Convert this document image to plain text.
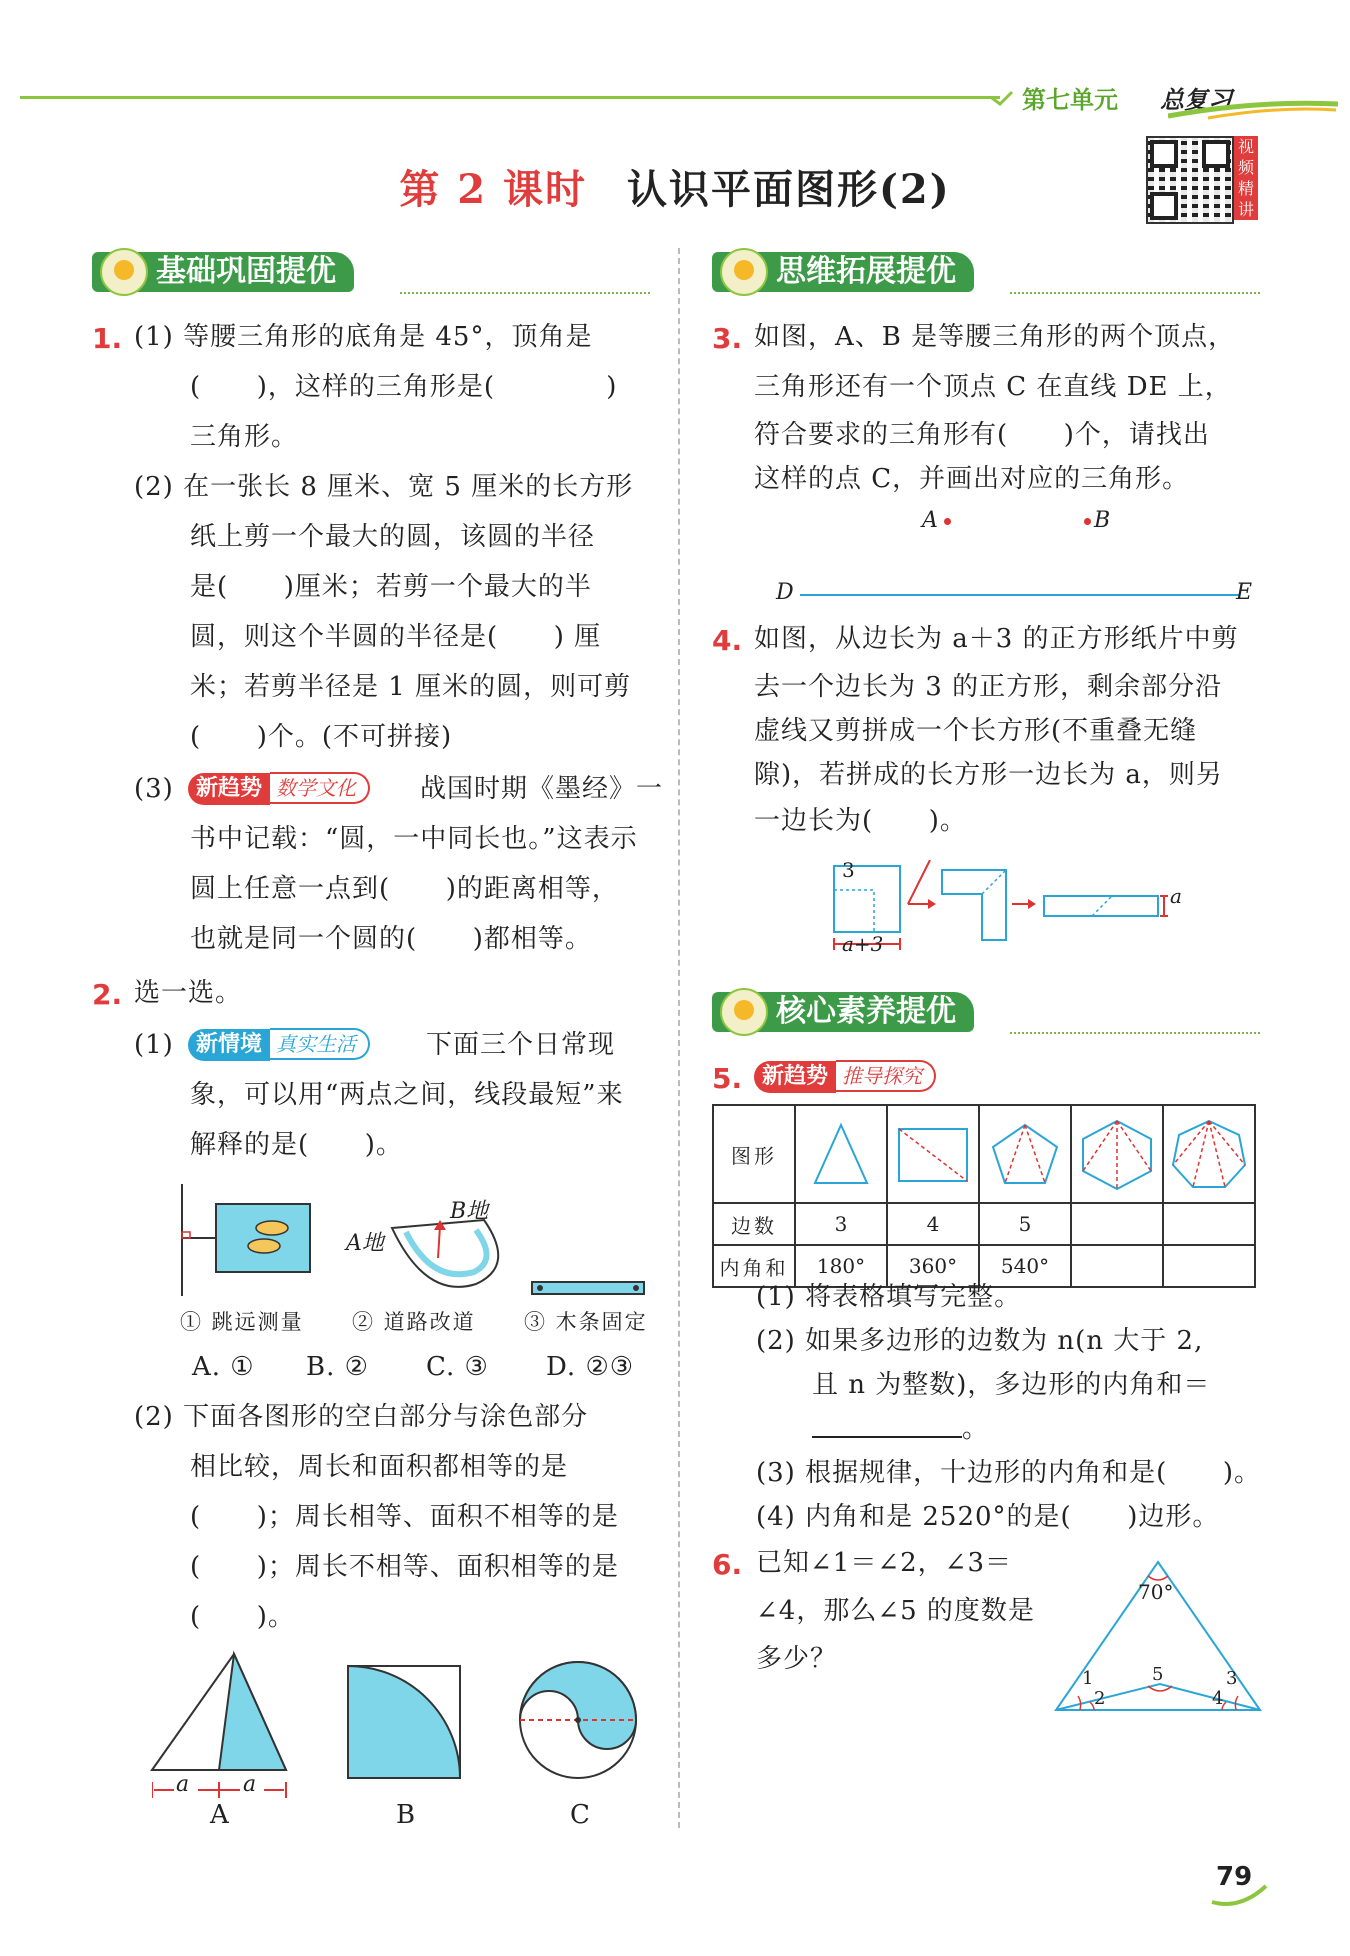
第七单元 总复习
第 2 课时 认识平面图形(2)
视频精讲
基础巩固提优	思维拓展提优
核心素养提优
1. (1) 等腰三角形的底角是 45°，顶角是
(      )，这样的三角形是(            )
三角形。
(2) 在一张长 8 厘米、宽 5 厘米的长方形
纸上剪一个最大的圆，该圆的半径
是(      )厘米；若剪一个最大的半
圆，则这个半圆的半径是(      ) 厘
米；若剪半径是 1 厘米的圆，则可剪
(      )个。(不可拼接)
(3)	新趋势 数学文化	战国时期《墨经》一
书中记载：“圆，一中同长也。”这表示
圆上任意一点到(      )的距离相等，
也就是同一个圆的(      )都相等。
2. 选一选。
(1)	新情境 真实生活	下面三个日常现
象，可以用“两点之间，线段最短”来
解释的是(      )。
A地
B地
① 跳远测量 ② 道路改道 ③ 木条固定
A. ① B. ② C. ③ D. ②③
(2) 下面各图形的空白部分与涂色部分
相比较，周长和面积都相等的是
(      )；周长相等、面积不相等的是
(      )；周长不相等、面积相等的是
(      )。
a a
A	B	C
3. 如图，A、B 是等腰三角形的两个顶点，
三角形还有一个顶点 C 在直线 DE 上，
符合要求的三角形有(      )个，请找出
这样的点 C，并画出对应的三角形。
A	B
D	E
4. 如图，从边长为 a＋3 的正方形纸片中剪
去一个边长为 3 的正方形，剩余部分沿
虚线又剪拼成一个长方形(不重叠无缝
隙)，若拼成的长方形一边长为 a，则另
一边长为(      )。
3
a+3
a
5. 新趋势 推导探究
图形	

边数	3	4	5		
内角和	180°	360°	540°		
(1) 将表格填写完整。
(2) 如果多边形的边数为 n(n 大于 2,
且 n 为整数)，多边形的内角和＝
。
(3) 根据规律，十边形的内角和是(      )。
(4) 内角和是 2520°的是(      )边形。
6. 已知∠1＝∠2，∠3＝
∠4，那么∠5 的度数是
多少？
70°
1
2
3
4
5
79
